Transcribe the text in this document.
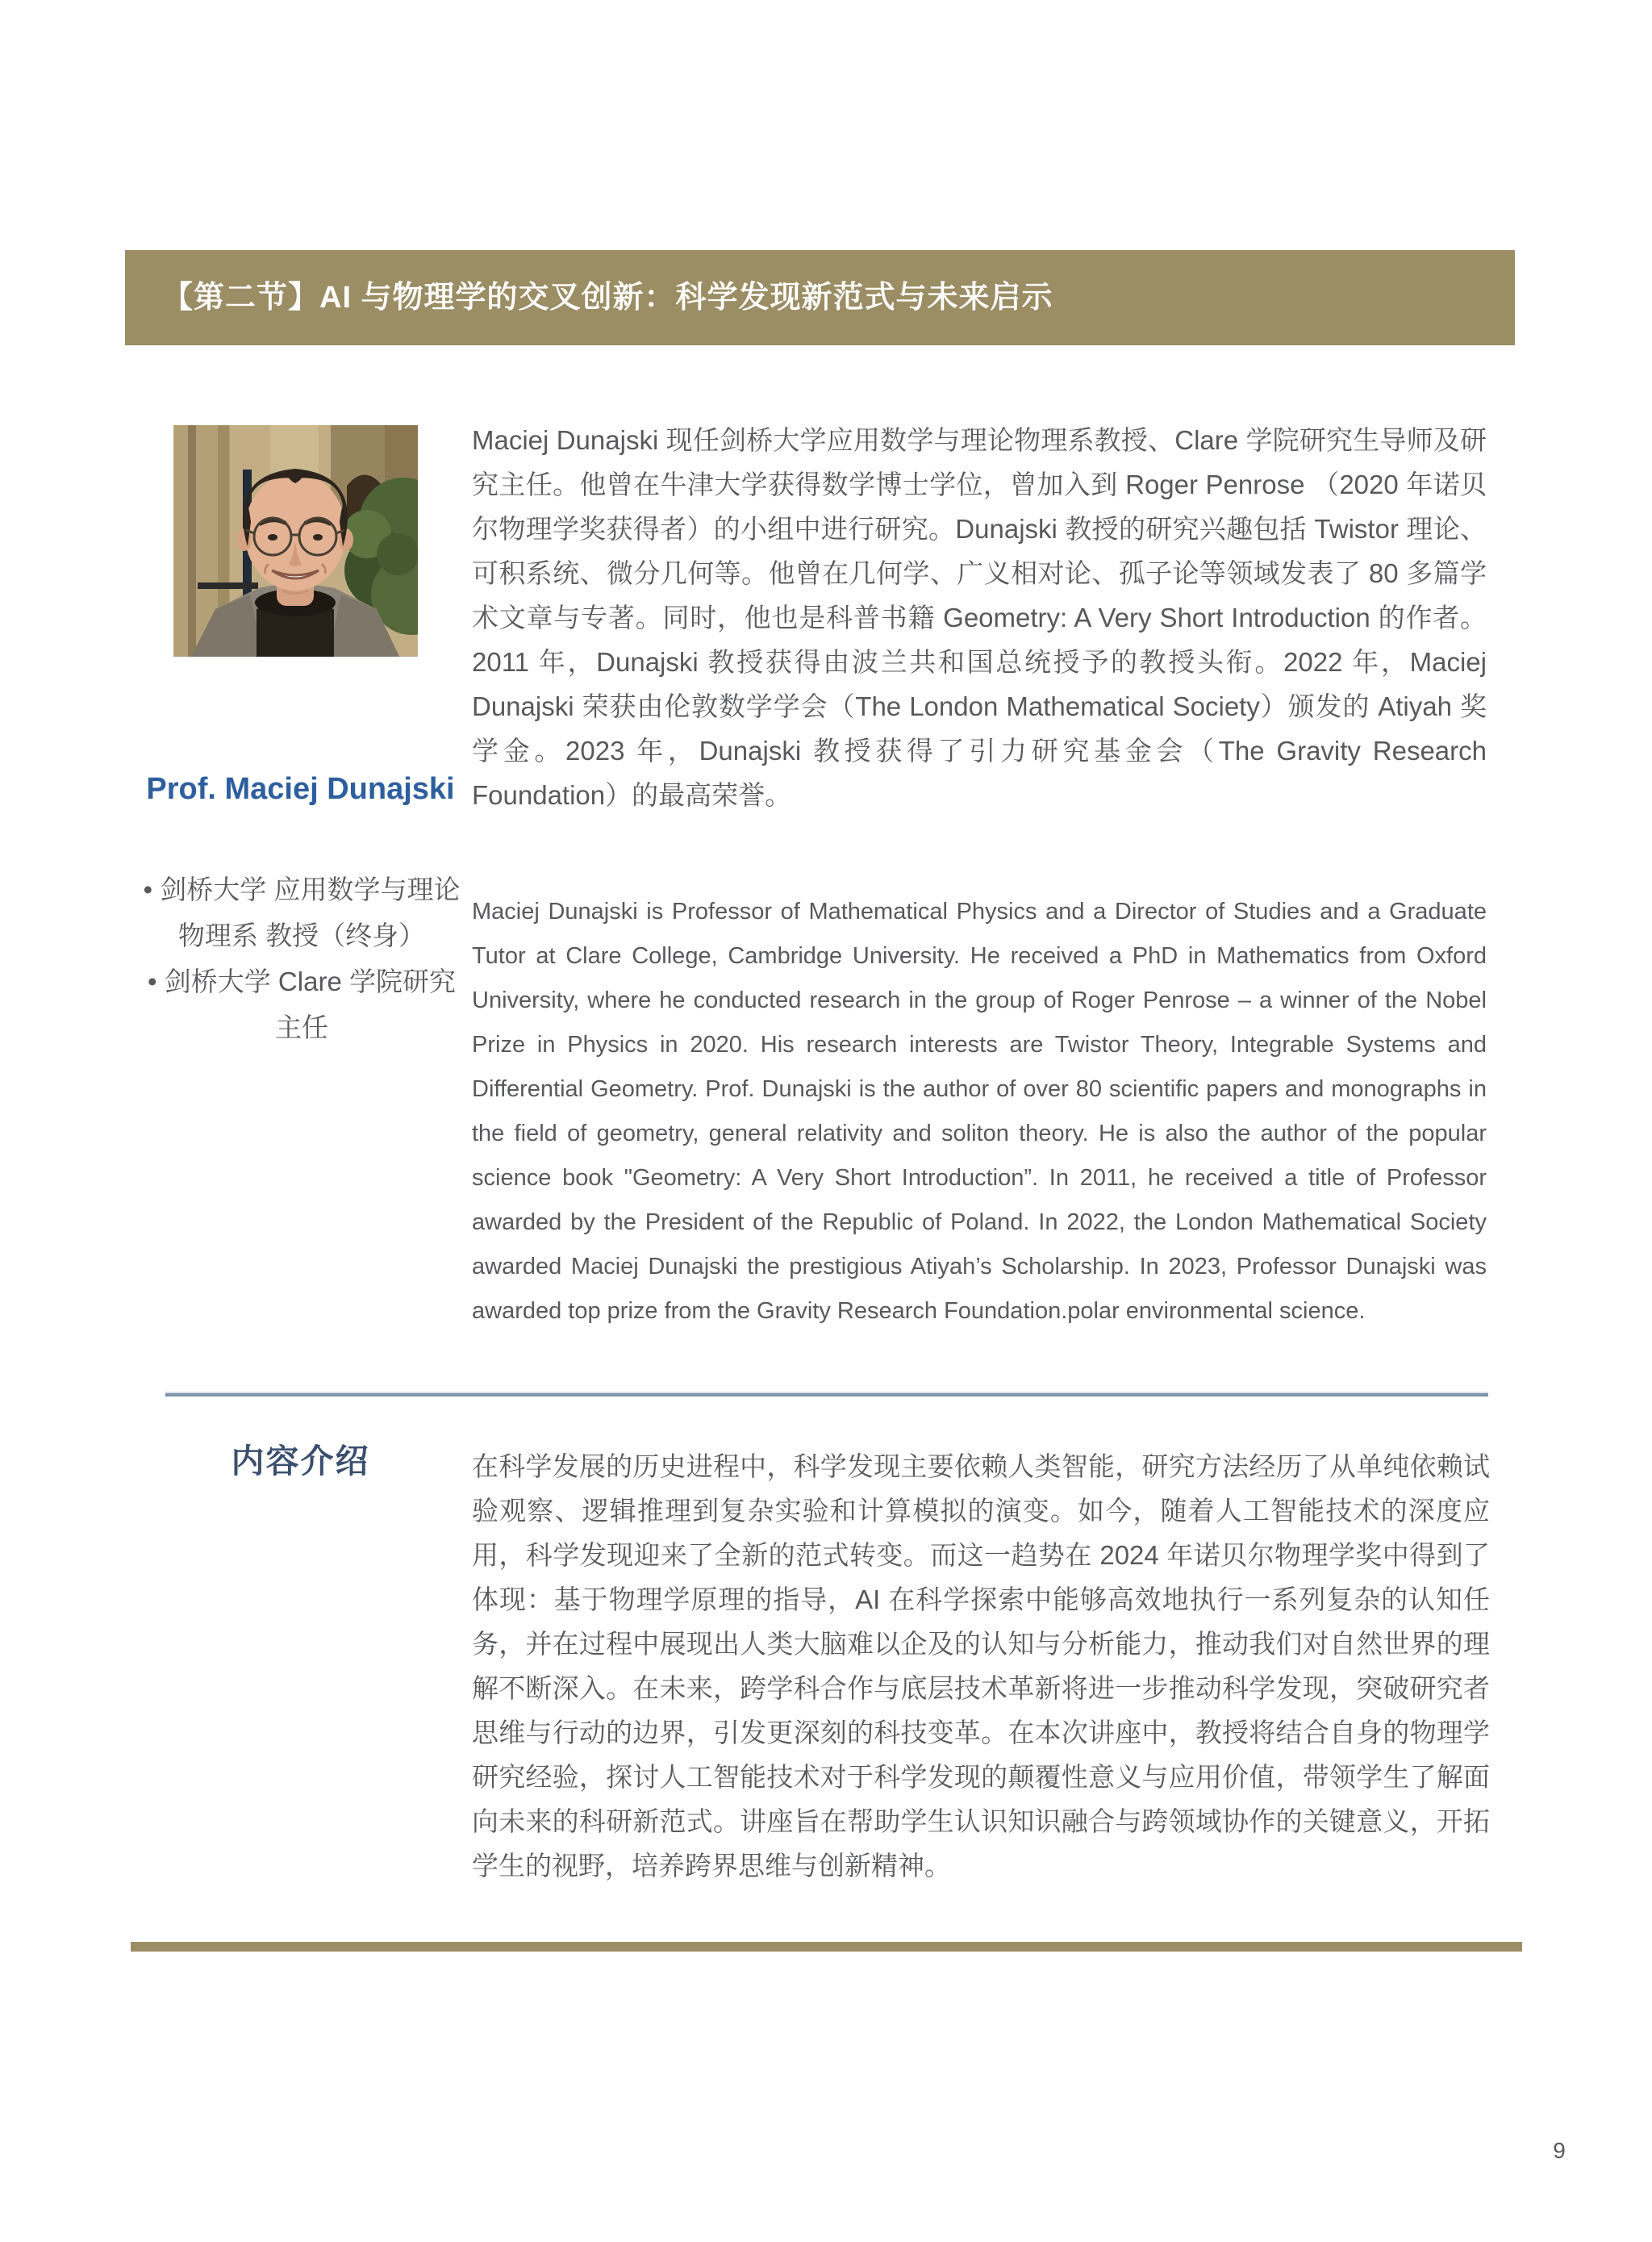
【第二节】AI 与物理学的交叉创新：科学发现新范式与未来启示
Maciej Dunajski 现任剑桥大学应用数学与理论物理系教授、Clare 学院研究生导师及研究主任。他曾在牛津大学获得数学博士学位，曾加入到 Roger Penrose （2020 年诺贝尔物理学奖获得者）的小组中进行研究。Dunajski 教授的研究兴趣包括 Twistor 理论、可积系统、微分几何等。他曾在几何学、广义相对论、孤子论等领域发表了 80 多篇学术文章与专著。同时，他也是科普书籍 Geometry: A Very Short Introduction 的作者。2011 年，Dunajski 教授获得由波兰共和国总统授予的教授头衔。2022 年，Maciej Dunajski 荣获由伦敦数学学会（The London Mathematical Society）颁发的 Atiyah 奖学金。2023 年，Dunajski 教授获得了引力研究基金会（The Gravity Research Foundation）的最高荣誉。
Prof. Maciej Dunajski
• 剑桥大学 应用数学与理论物理系 教授（终身）
• 剑桥大学 Clare 学院研究主任
Maciej Dunajski is Professor of Mathematical Physics and a Director of Studies and a Graduate Tutor at Clare College, Cambridge University. He received a PhD in Mathematics from Oxford University, where he conducted research in the group of Roger Penrose – a winner of the Nobel Prize in Physics in 2020. His research interests are Twistor Theory, Integrable Systems and Differential Geometry. Prof. Dunajski is the author of over 80 scientific papers and monographs in the field of geometry, general relativity and soliton theory. He is also the author of the popular science book "Geometry: A Very Short Introduction”. In 2011, he received a title of Professor awarded by the President of the Republic of Poland. In 2022, the London Mathematical Society awarded Maciej Dunajski the prestigious Atiyah’s Scholarship. In 2023, Professor Dunajski was awarded top prize from the Gravity Research Foundation.polar environmental science.
内容介绍	在科学发展的历史进程中，科学发现主要依赖人类智能，研究方法经历了从单纯依赖试验观察、逻辑推理到复杂实验和计算模拟的演变。如今，随着人工智能技术的深度应用，科学发现迎来了全新的范式转变。而这一趋势在 2024 年诺贝尔物理学奖中得到了体现：基于物理学原理的指导，AI 在科学探索中能够高效地执行一系列复杂的认知任务，并在过程中展现出人类大脑难以企及的认知与分析能力，推动我们对自然世界的理解不断深入。在未来，跨学科合作与底层技术革新将进一步推动科学发现，突破研究者思维与行动的边界，引发更深刻的科技变革。在本次讲座中，教授将结合自身的物理学研究经验，探讨人工智能技术对于科学发现的颠覆性意义与应用价值，带领学生了解面向未来的科研新范式。讲座旨在帮助学生认识知识融合与跨领域协作的关键意义，开拓学生的视野，培养跨界思维与创新精神。
9
